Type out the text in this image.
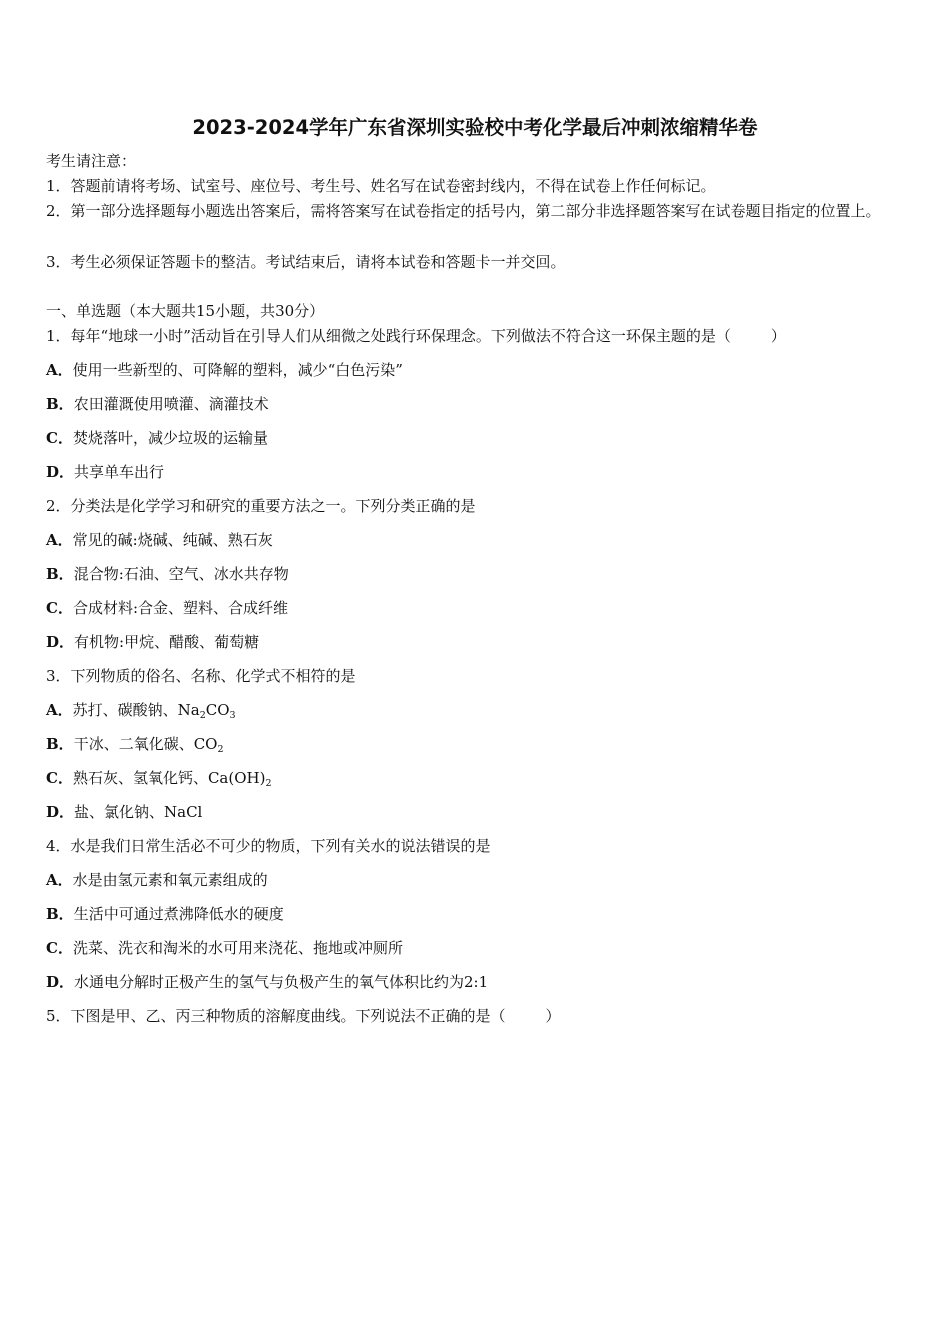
2023-2024学年广东省深圳实验校中考化学最后冲刺浓缩精华卷
考生请注意：
1．答题前请将考场、试室号、座位号、考生号、姓名写在试卷密封线内，不得在试卷上作任何标记。
2．第一部分选择题每小题选出答案后，需将答案写在试卷指定的括号内，第二部分非选择题答案写在试卷题目指定的位置上。
3．考生必须保证答题卡的整洁。考试结束后，请将本试卷和答题卡一并交回。
一、单选题（本大题共15小题，共30分）
1．每年“地球一小时”活动旨在引导人们从细微之处践行环保理念。下列做法不符合这一环保主题的是（	）
A．使用一些新型的、可降解的塑料，减少“白色污染”
B．农田灌溉使用喷灌、滴灌技术
C．焚烧落叶，减少垃圾的运输量
D．共享单车出行
2．分类法是化学学习和研究的重要方法之一。下列分类正确的是
A．常见的碱:烧碱、纯碱、熟石灰
B．混合物:石油、空气、冰水共存物
C．合成材料:合金、塑料、合成纤维
D．有机物:甲烷、醋酸、葡萄糖
3．下列物质的俗名、名称、化学式不相符的是
A．苏打、碳酸钠、$Na_2CO_3$
B．干冰、二氧化碳、$CO_2$
C．熟石灰、氢氧化钙、$Ca(OH)_2$
D．盐、氯化钠、NaCl
4．水是我们日常生活必不可少的物质，下列有关水的说法错误的是
A．水是由氢元素和氧元素组成的
B．生活中可通过煮沸降低水的硬度
C．洗菜、洗衣和淘米的水可用来浇花、拖地或冲厕所
D．水通电分解时正极产生的氢气与负极产生的氧气体积比约为2:1
5．下图是甲、乙、丙三种物质的溶解度曲线。下列说法不正确的是（	）
